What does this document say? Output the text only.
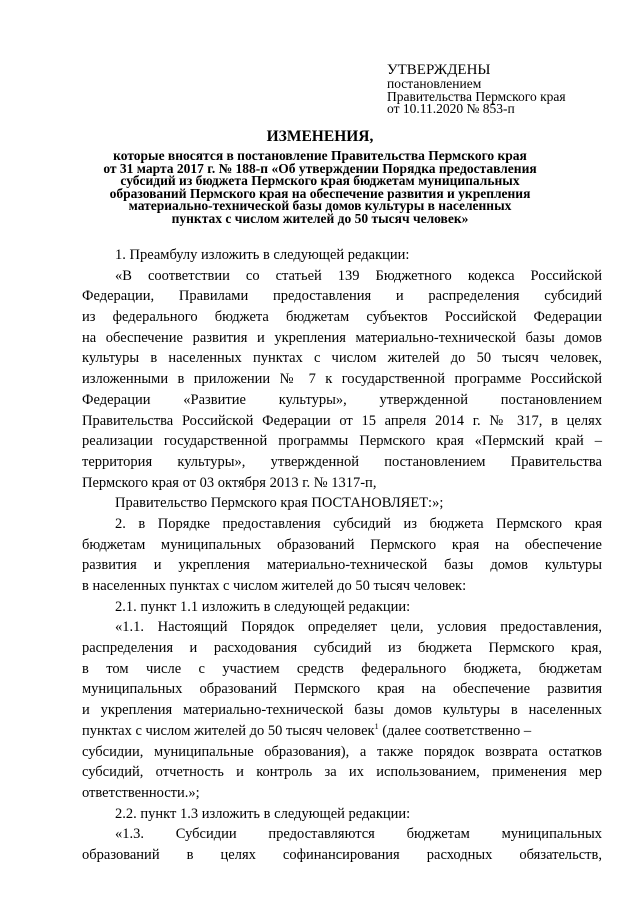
УТВЕРЖДЕНЫ
постановлением
Правительства Пермского края
от 10.11.2020 № 853-п
ИЗМЕНЕНИЯ,
которые вносятся в постановление Правительства Пермского края
от 31 марта 2017 г. № 188-п «Об утверждении Порядка предоставления
субсидий из бюджета Пермского края бюджетам муниципальных
образований Пермского края на обеспечение развития и укрепления
материально-технической базы домов культуры в населенных
пунктах с числом жителей до 50 тысяч человек»
1. Преамбулу изложить в следующей редакции:
«В соответствии со статьей 139 Бюджетного кодекса Российской
Федерации, Правилами предоставления и распределения субсидий
из федерального бюджета бюджетам субъектов Российской Федерации
на обеспечение развития и укрепления материально-технической базы домов
культуры в населенных пунктах с числом жителей до 50 тысяч человек,
изложенными в приложении № 7 к государственной программе Российской
Федерации «Развитие культуры», утвержденной постановлением
Правительства Российской Федерации от 15 апреля 2014 г. № 317, в целях
реализации государственной программы Пермского края «Пермский край –
территория культуры», утвержденной постановлением Правительства
Пермского края от 03 октября 2013 г. № 1317-п,
Правительство Пермского края ПОСТАНОВЛЯЕТ:»;
2. в Порядке предоставления субсидий из бюджета Пермского края
бюджетам муниципальных образований Пермского края на обеспечение
развития и укрепления материально-технической базы домов культуры
в населенных пунктах с числом жителей до 50 тысяч человек:
2.1. пункт 1.1 изложить в следующей редакции:
«1.1. Настоящий Порядок определяет цели, условия предоставления,
распределения и расходования субсидий из бюджета Пермского края,
в том числе с участием средств федерального бюджета, бюджетам
муниципальных образований Пермского края на обеспечение развития
и укрепления материально-технической базы домов культуры в населенных
пунктах с числом жителей до 50 тысяч человек$^1$ (далее соответственно –
субсидии, муниципальные образования), а также порядок возврата остатков
субсидий, отчетность и контроль за их использованием, применения мер
ответственности.»;
2.2. пункт 1.3 изложить в следующей редакции:
«1.3. Субсидии предоставляются бюджетам муниципальных
образований в целях софинансирования расходных обязательств,
